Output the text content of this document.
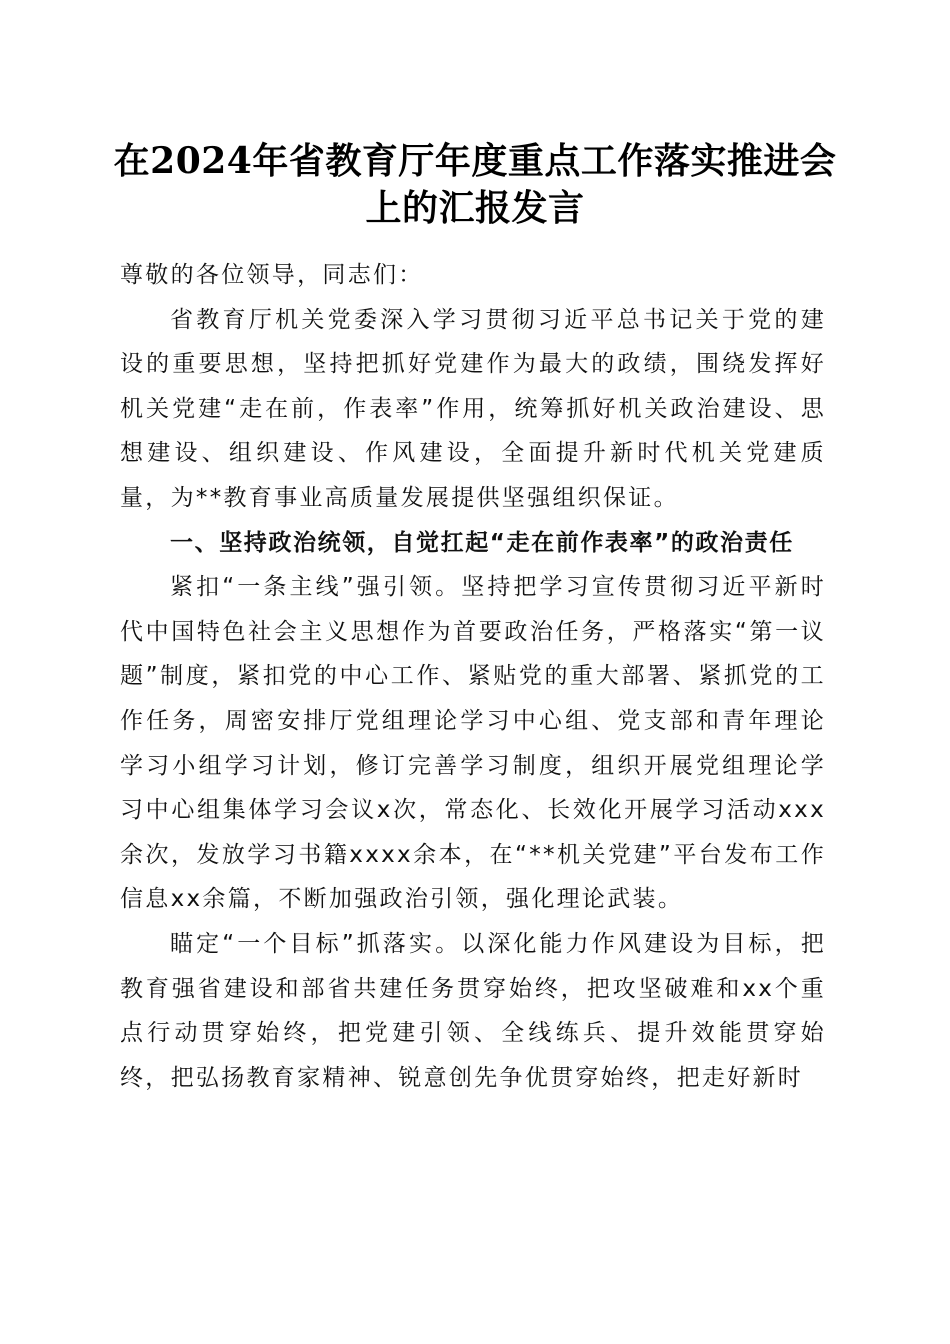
在2024年省教育厅年度重点工作落实推进会
上的汇报发言

尊敬的各位领导，同志们：

省教育厅机关党委深入学习贯彻习近平总书记关于党的建设的重要思想，坚持把抓好党建作为最大的政绩，围绕发挥好机关党建“走在前，作表率”作用，统筹抓好机关政治建设、思想建设、组织建设、作风建设，全面提升新时代机关党建质量，为**教育事业高质量发展提供坚强组织保证。

一、坚持政治统领，自觉扛起“走在前作表率”的政治责任

紧扣“一条主线”强引领。坚持把学习宣传贯彻习近平新时代中国特色社会主义思想作为首要政治任务，严格落实“第一议题”制度，紧扣党的中心工作、紧贴党的重大部署、紧抓党的工作任务，周密安排厅党组理论学习中心组、党支部和青年理论学习小组学习计划，修订完善学习制度，组织开展党组理论学习中心组集体学习会议x次，常态化、长效化开展学习活动xxx余次，发放学习书籍xxxx余本，在“**机关党建”平台发布工作信息xx余篇，不断加强政治引领，强化理论武装。

瞄定“一个目标”抓落实。以深化能力作风建设为目标，把教育强省建设和部省共建任务贯穿始终，把攻坚破难和xx个重点行动贯穿始终，把党建引领、全线练兵、提升效能贯穿始终，把弘扬教育家精神、锐意创先争优贯穿始终，把走好新时
